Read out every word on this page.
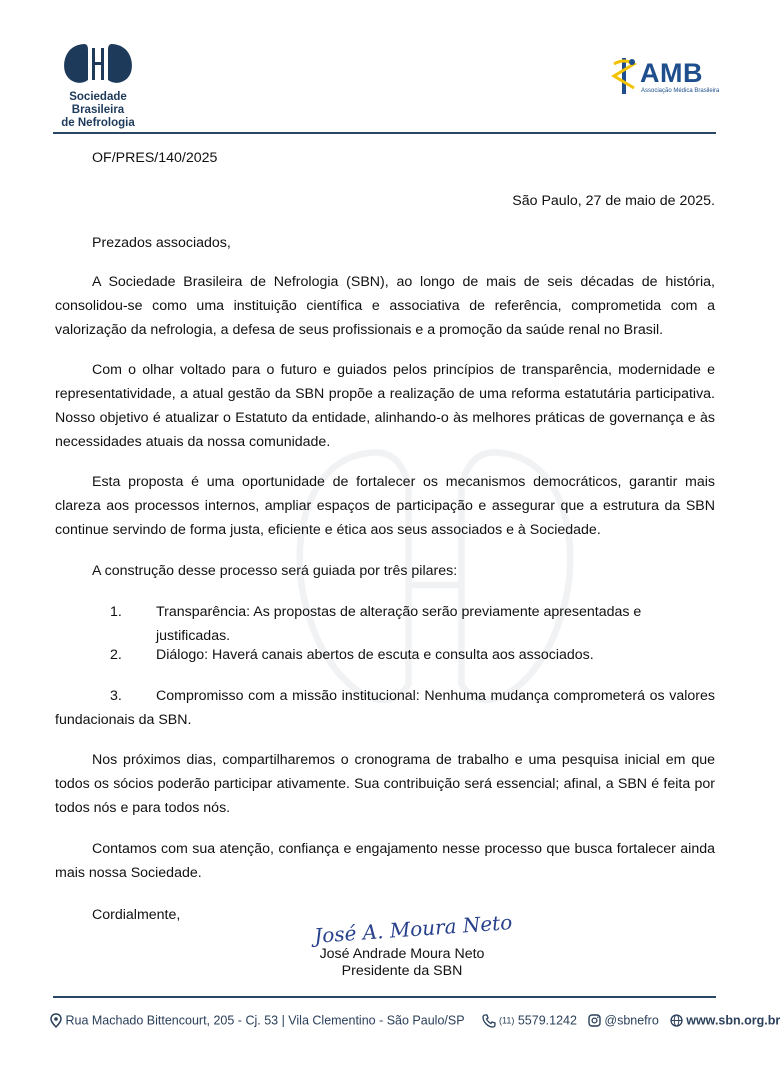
Sociedade Brasileira
de Nefrologia
AMB
Associação Médica Brasileira
OF/PRES/140/2025
São Paulo, 27 de maio de 2025.
Prezados associados,
A Sociedade Brasileira de Nefrologia (SBN), ao longo de mais de seis décadas de história, consolidou-se como uma instituição científica e associativa de referência, comprometida com a valorização da nefrologia, a defesa de seus profissionais e a promoção da saúde renal no Brasil.
Com o olhar voltado para o futuro e guiados pelos princípios de transparência, modernidade e representatividade, a atual gestão da SBN propõe a realização de uma reforma estatutária participativa. Nosso objetivo é atualizar o Estatuto da entidade, alinhando-o às melhores práticas de governança e às necessidades atuais da nossa comunidade.
Esta proposta é uma oportunidade de fortalecer os mecanismos democráticos, garantir mais clareza aos processos internos, ampliar espaços de participação e assegurar que a estrutura da SBN continue servindo de forma justa, eficiente e ética aos seus associados e à Sociedade.
A construção desse processo será guiada por três pilares:
1. Transparência: As propostas de alteração serão previamente apresentadas e justificadas.
2. Diálogo: Haverá canais abertos de escuta e consulta aos associados.
3.	Compromisso com a missão institucional: Nenhuma mudança comprometerá os valores fundacionais da SBN.
Nos próximos dias, compartilharemos o cronograma de trabalho e uma pesquisa inicial em que todos os sócios poderão participar ativamente. Sua contribuição será essencial; afinal, a SBN é feita por todos nós e para todos nós.
Contamos com sua atenção, confiança e engajamento nesse processo que busca fortalecer ainda mais nossa Sociedade.
Cordialmente,	José A. Moura Neto
José Andrade Moura Neto
Presidente da SBN
Rua Machado Bittencourt, 205 - Cj. 53 | Vila Clementino - São Paulo/SP	(11) 5579.1242 @sbnefro www.sbn.org.br
